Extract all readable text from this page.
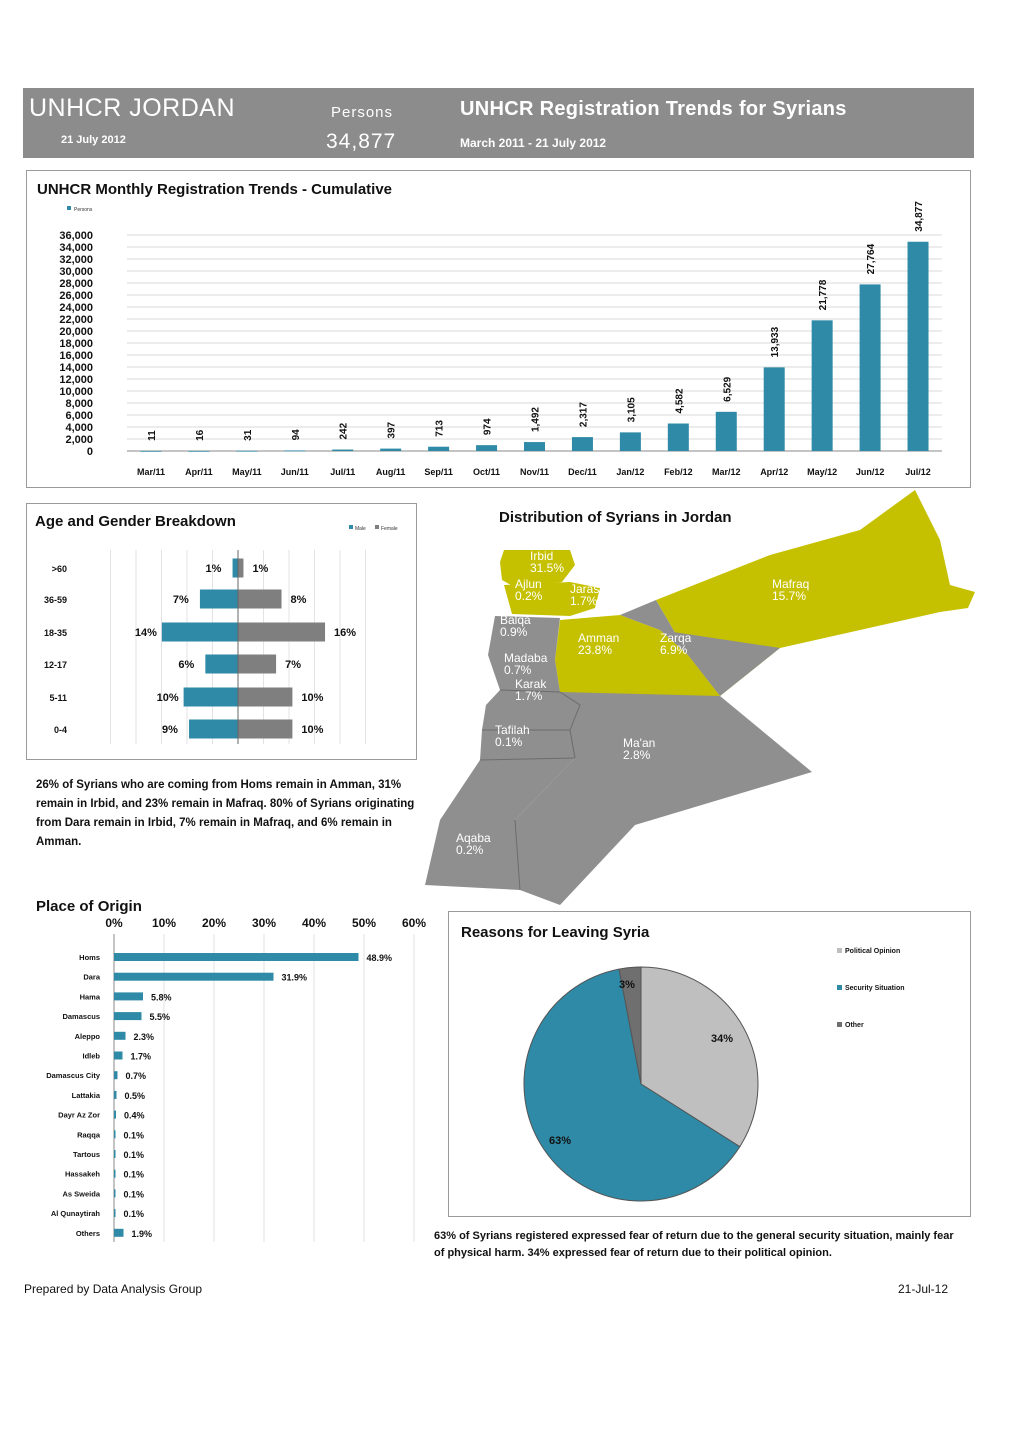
UNHCR JORDAN
21 July 2012
Persons
34,877
UNHCR Registration Trends for Syrians
March 2011 - 21 July 2012
UNHCR Monthly Registration Trends - Cumulative
Persons
0
2,000
4,000
6,000
8,000
10,000
12,000
14,000
16,000
18,000
20,000
22,000
24,000
26,000
28,000
30,000
32,000
34,000
36,000
11
Mar/11
16
Apr/11
31
May/11
94
Jun/11
242
Jul/11
397
Aug/11
713
Sep/11
974
Oct/11
1,492
Nov/11
2,317
Dec/11
3,105
Jan/12
4,582
Feb/12
6,529
Mar/12
13,933
Apr/12
21,778
May/12
27,764
Jun/12
34,877
Jul/12
Age and Gender Breakdown	Male	Female
>60	1%	1%
36-59	7%	8%
18-35	14%	16%
12-17	6%	7%
5-11	10%	10%
0-4	9%	10%
26% of Syrians who are coming from Homs remain in Amman, 31% remain in Irbid, and 23% remain in Mafraq. 80% of Syrians originating from Dara remain in Irbid, 7% remain in Mafraq, and 6% remain in Amman.
Distribution of Syrians in Jordan
Irbid
31.5%
Ajlun
0.2% Jarash
1.7%
Mafraq
15.7%
Balqa
0.9%	Amman
23.8%
Zarqa
6.9%
Madaba
0.7%
Karak
1.7%
Tafilah
0.1%	Ma'an
2.8%
Aqaba
0.2%
Place of Origin
0% 10% 20% 30% 40% 50% 60%
Homs	48.9%
Dara	31.9%
Hama	5.8%
Damascus	5.5%
Aleppo	2.3%
Idleb	1.7%
Damascus City	0.7%
Lattakia	0.5%
Dayr Az Zor	0.4%
Raqqa	0.1%
Tartous	0.1%
Hassakeh	0.1%
As Sweida	0.1%
Al Qunaytirah	0.1%
Others	1.9%
Reasons for Leaving Syria
34%
Political Opinion
63%
Security Situation
3%
Other
63% of Syrians registered expressed fear of return due to the general security situation, mainly fear of physical harm. 34% expressed fear of return due to their political opinion.
Prepared by Data Analysis Group	21-Jul-12
